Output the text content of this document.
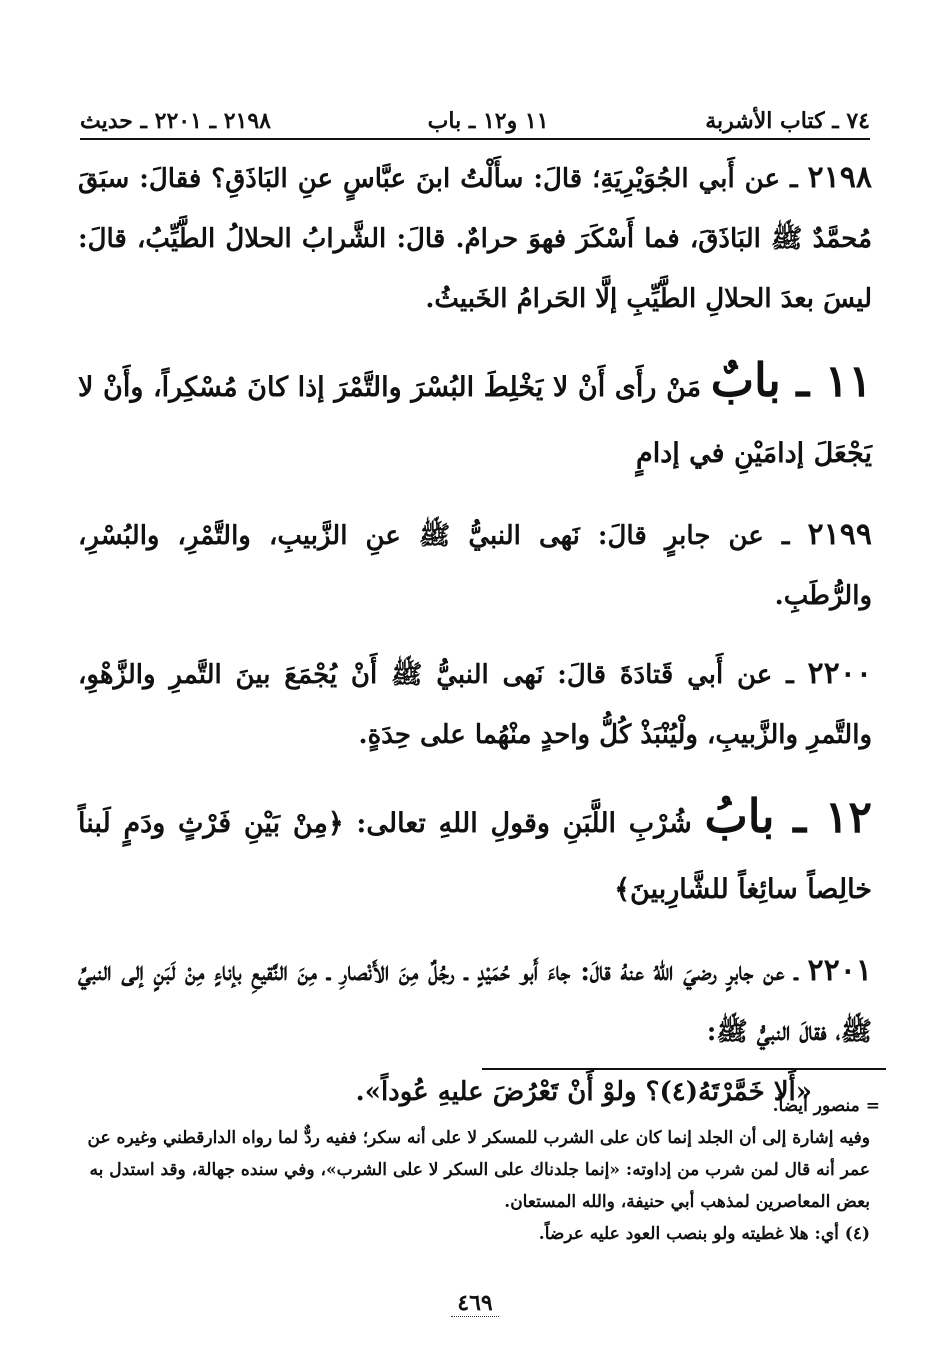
٧٤ ـ كتاب الأشربة
١١ و١٢ ـ باب
٢١٩٨ ـ ٢٢٠١ ـ حديث

٢١٩٨ ـ عن أَبي الجُوَيْرِيَةِ؛ قالَ: سأَلْتُ ابنَ عبَّاسٍ عنِ البَاذَقِ؟ فقالَ: سبَقَ مُحمَّدٌ ﷺ البَاذَقَ، فما أَسْكَرَ فهوَ حرامٌ. قالَ: الشَّرابُ الحلالُ الطَّيِّبُ، قالَ: ليسَ بعدَ الحلالِ الطَّيِّبِ إلَّا الحَرامُ الخَبيثُ.

١١ ـ بابٌ مَنْ رأَى أَنْ لا يَخْلِطَ البُسْرَ والتَّمْرَ إذا كانَ مُسْكِراً، وأَنْ لا يَجْعَلَ إدامَيْنِ في إدامٍ

٢١٩٩ ـ عن جابرٍ قالَ: نَهى النبيُّ ﷺ عنِ الزَّبيبِ، والتَّمْرِ، والبُسْرِ، والرُّطَبِ.

٢٢٠٠ ـ عن أَبي قَتادَةَ قالَ: نَهى النبيُّ ﷺ أَنْ يُجْمَعَ بينَ التَّمرِ والزَّهْوِ، والتَّمرِ والزَّبيبِ، ولْيُنْبَذْ كُلُّ واحدٍ منْهُما على حِدَةٍ.

١٢ ـ بابُ شُرْبِ اللَّبَنِ وقولِ اللهِ تعالى: ﴿مِنْ بَيْنِ فَرْثٍ ودَمٍ لَبناً خالِصاً سائِغاً للشَّارِبينَ﴾

٢٢٠١ ـ عن جابرٍ رضيَ اللهُ عنهُ قالَ: جاءَ أَبو حُمَيْدٍ ـ رجُلٌ مِنَ الأَنْصارِ ـ مِنَ النَّقيعِ بإناءٍ مِنْ لَبَنٍ إلى النبيِّ ﷺ، فقالَ النبيُّ ﷺ:

«أَلا خَمَّرْتَهُ(٤)؟ ولوْ أَنْ تَعْرُضَ عليهِ عُوداً».	=منصور أيضاً.

وفيه إشارة إلى أن الجلد إنما كان على الشرب للمسكر لا على أنه سكر؛ ففيه ردٌّ لما رواه الدارقطني وغيره عن عمر أنه قال لمن شرب من إداوته: «إنما جلدناك على السكر لا على الشرب»، وفي سنده جهالة، وقد استدل به بعض المعاصرين لمذهب أبي حنيفة، والله المستعان.

(٤) أي: هلا غطيته ولو بنصب العود عليه عرضاً.

٤٦٩
